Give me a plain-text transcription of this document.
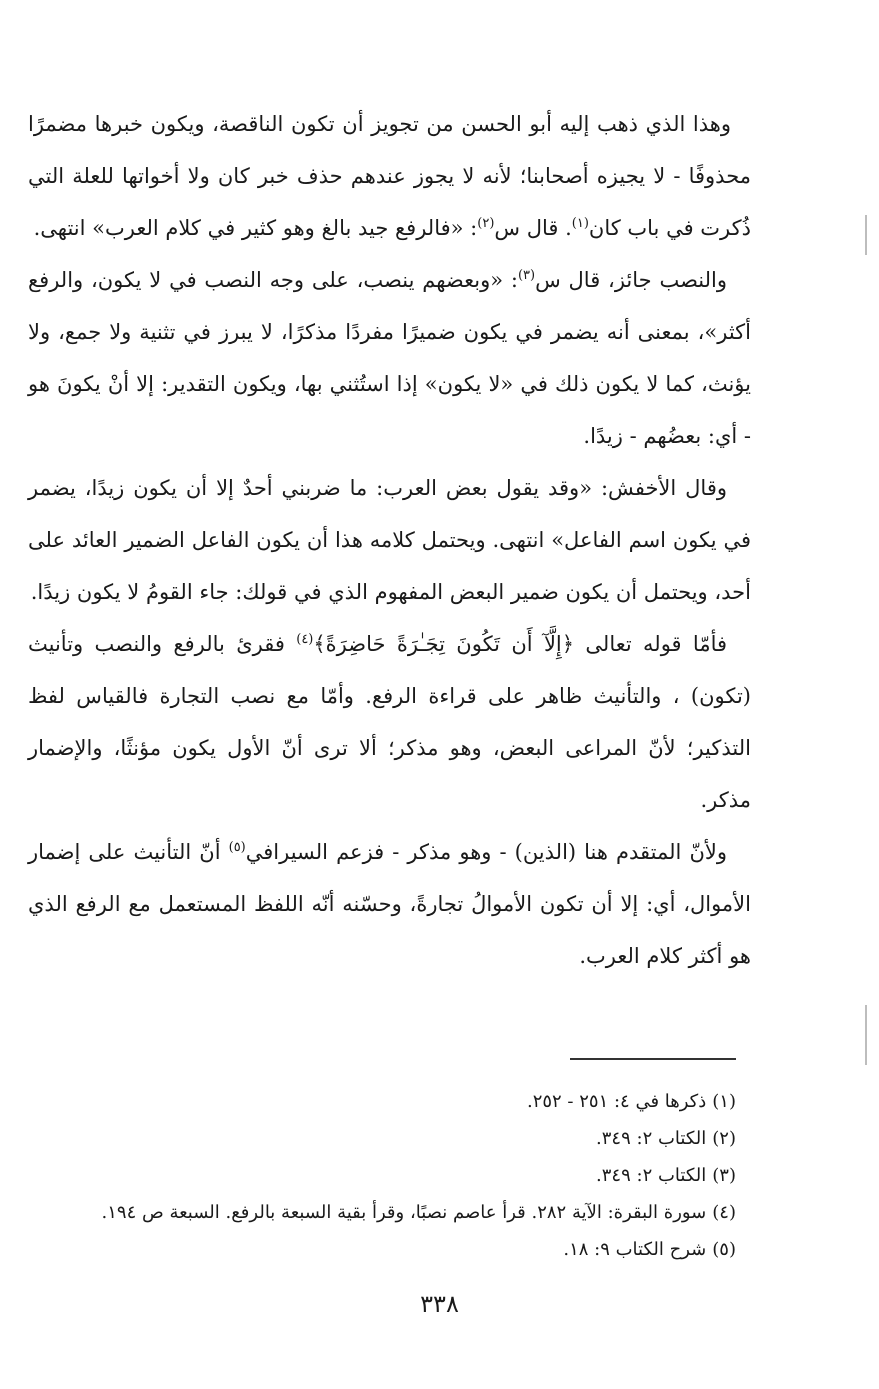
وهذا الذي ذهب إليه أبو الحسن من تجويز أن تكون الناقصة، ويكون خبرها مضمرًا محذوفًا - لا يجيزه أصحابنا؛ لأنه لا يجوز عندهم حذف خبر كان ولا أخواتها للعلة التي ذُكرت في باب كان$^{(١)}$. قال س$^{(٢)}$: «فالرفع جيد بالغ وهو كثير في كلام العرب» انتهى.

والنصب جائز، قال س$^{(٣)}$: «وبعضهم ينصب، على وجه النصب في لا يكون، والرفع أكثر»، بمعنى أنه يضمر في يكون ضميرًا مفردًا مذكرًا، لا يبرز في تثنية ولا جمع، ولا يؤنث، كما لا يكون ذلك في «لا يكون» إذا استُثني بها، ويكون التقدير: إلا أنْ يكونَ هو - أي: بعضُهم - زيدًا.

وقال الأخفش: «وقد يقول بعض العرب: ما ضربني أحدٌ إلا أن يكون زيدًا، يضمر في يكون اسم الفاعل» انتهى. ويحتمل كلامه هذا أن يكون الفاعل الضمير العائد على أحد، ويحتمل أن يكون ضمير البعض المفهوم الذي في قولك: جاء القومُ لا يكون زيدًا.

فأمّا قوله تعالى ﴿إِلَّآ أَن تَكُونَ تِجَـٰرَةً حَاضِرَةً﴾$^{(٤)}$ فقرئ بالرفع والنصب وتأنيث (تكون) ، والتأنيث ظاهر على قراءة الرفع. وأمّا مع نصب التجارة فالقياس لفظ التذكير؛ لأنّ المراعى البعض، وهو مذكر؛ ألا ترى أنّ الأول يكون مؤنثًا، والإضمار مذكر.

ولأنّ المتقدم هنا (الذين) - وهو مذكر - فزعم السيرافي$^{(٥)}$ أنّ التأنيث على إضمار الأموال، أي: إلا أن تكون الأموالُ تجارةً، وحسّنه أنّه اللفظ المستعمل مع الرفع الذي هو أكثر كلام العرب.

(١)ذكرها في ٤: ٢٥١ - ٢٥٢.

(٢)الكتاب ٢: ٣٤٩.

(٣)الكتاب ٢: ٣٤٩.

(٤)سورة البقرة: الآية ٢٨٢. قرأ عاصم نصبًا، وقرأ بقية السبعة بالرفع. السبعة ص ١٩٤.

(٥)شرح الكتاب ٩: ١٨.

٣٣٨
